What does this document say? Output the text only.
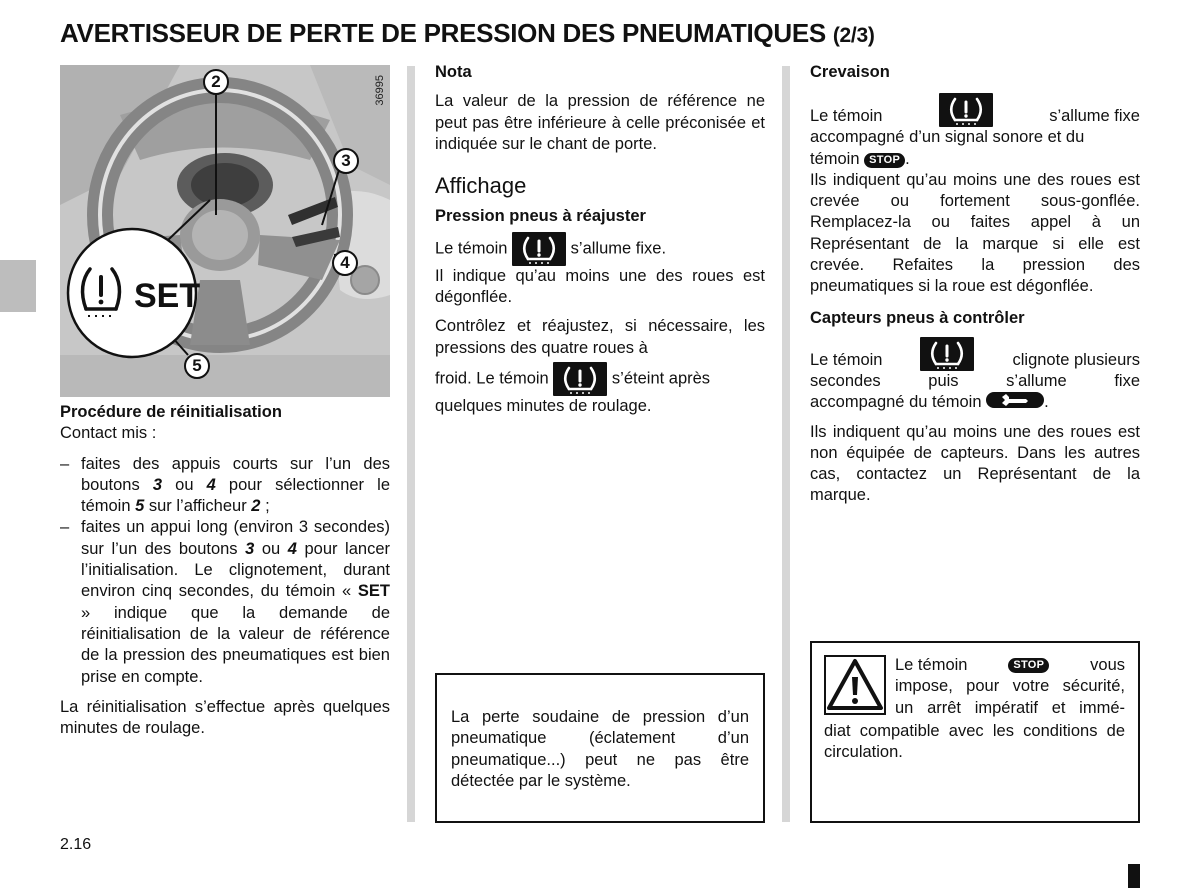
AVERTISSEUR DE PERTE DE PRESSION DES PNEUMATIQUES (2/3)
SET
2
3
4
5
36995

Procédure de réinitialisation

Contact mis :

– faites des appuis courts sur l’un des boutons 3 ou 4 pour sélectionner le témoin 5 sur l’afficheur 2 ;

– faites un appui long (environ 3 secondes) sur l’un des boutons 3 ou 4 pour lancer l’initialisation. Le clignotement, durant environ cinq secondes, du témoin « SET » indique que la demande de réinitialisation de la valeur de référence de la pression des pneumatiques est bien prise en compte.

La réinitialisation s’effectue après quelques minutes de roulage.

Nota

La valeur de la pression de référence ne peut pas être inférieure à celle préconisée et indiquée sur le chant de porte.

Affichage

Pression pneus à réajuster

Le témoin	s’allume fixe.

Il indique qu’au moins une des roues est dégonflée.

Contrôlez et réajustez, si nécessaire, les pressions des quatre roues à

froid. Le témoin	s’éteint après

quelques minutes de roulage.

La perte soudaine de pression d’un pneumatique (éclatement d’un pneumatique...) peut ne pas être détectée par le système.

Crevaison

Le témoin	s’allume fixe

accompagné d’un signal sonore et du

témoin STOP .

Ils indiquent qu’au moins une des roues est crevée ou fortement sous-gonflée. Remplacez-la ou faites appel à un Représentant de la marque si elle est crevée. Refaites la pression des pneumatiques si la roue est dégonflée.

Capteurs pneus à contrôler

Le témoin	clignote plusieurs

secondes puis s’allume fixe

accompagné du témoin	.

Ils indiquent qu’au moins une des roues est non équipée de capteurs. Dans les autres cas, contactez un Représentant de la marque.

Le témoin	STOP	vous

impose, pour votre sécurité,

un arrêt impératif et immé-

diat compatible avec les conditions de circulation.

2.16
